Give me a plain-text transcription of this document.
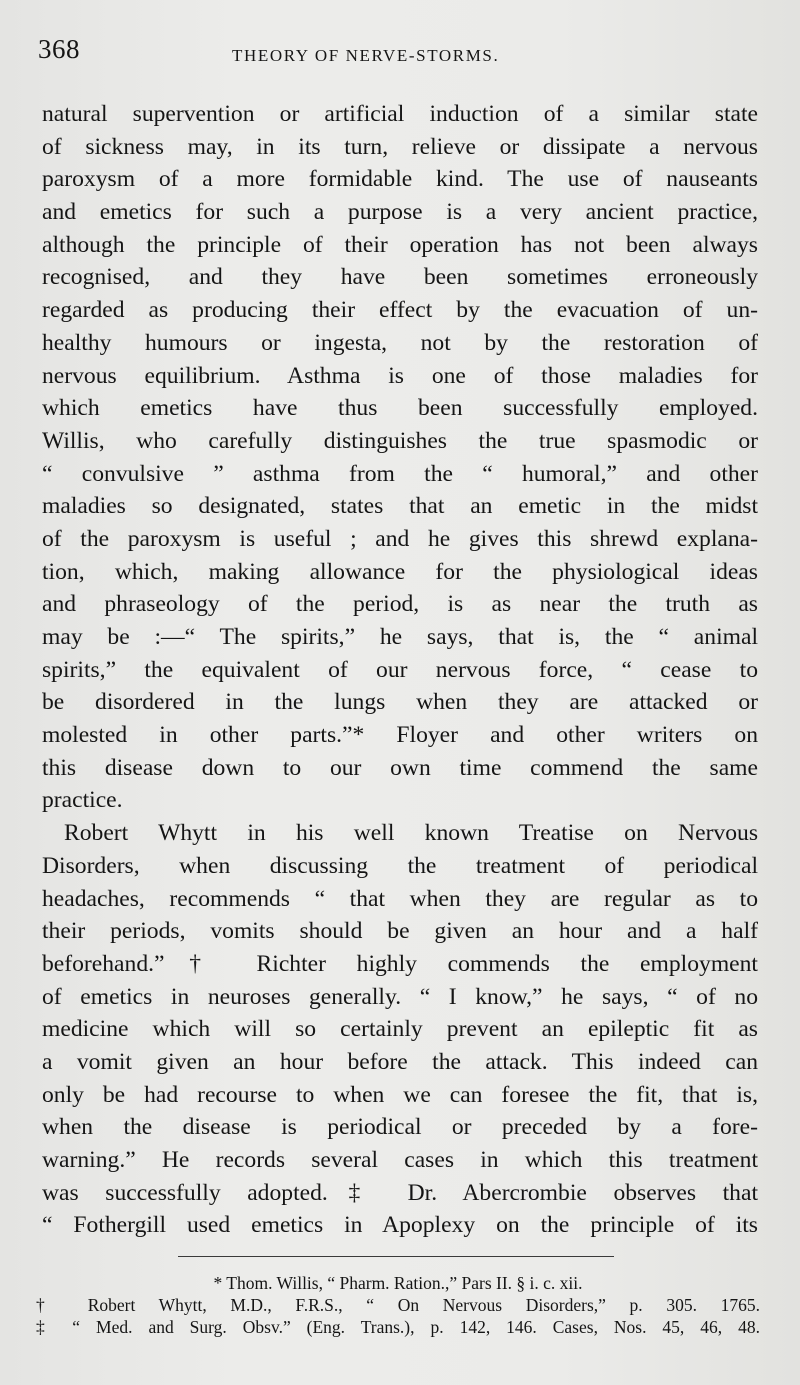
368	THEORY OF NERVE-STORMS.
natural supervention or artificial induction of a similar state
of sickness may, in its turn, relieve or dissipate a nervous
paroxysm of a more formidable kind. The use of nauseants
and emetics for such a purpose is a very ancient practice,
although the principle of their operation has not been always
recognised, and they have been sometimes erroneously
regarded as producing their effect by the evacuation of un-
healthy humours or ingesta, not by the restoration of
nervous equilibrium. Asthma is one of those maladies for
which emetics have thus been successfully employed.
Willis, who carefully distinguishes the true spasmodic or
“ convulsive ” asthma from the “ humoral,” and other
maladies so designated, states that an emetic in the midst
of the paroxysm is useful ; and he gives this shrewd explana-
tion, which, making allowance for the physiological ideas
and phraseology of the period, is as near the truth as
may be :—“ The spirits,” he says, that is, the “ animal
spirits,” the equivalent of our nervous force, “ cease to
be disordered in the lungs when they are attacked or
molested in other parts.”* Floyer and other writers on
this disease down to our own time commend the same
practice.
Robert Whytt in his well known Treatise on Nervous
Disorders, when discussing the treatment of periodical
headaches, recommends “ that when they are regular as to
their periods, vomits should be given an hour and a half
beforehand.”† Richter highly commends the employment
of emetics in neuroses generally. “ I know,” he says, “ of no
medicine which will so certainly prevent an epileptic fit as
a vomit given an hour before the attack. This indeed can
only be had recourse to when we can foresee the fit, that is,
when the disease is periodical or preceded by a fore-
warning.” He records several cases in which this treatment
was successfully adopted.‡ Dr. Abercrombie observes that
“ Fothergill used emetics in Apoplexy on the principle of its
* Thom. Willis, “ Pharm. Ration.,” Pars II. § i. c. xii.
† Robert Whytt, M.D., F.R.S., “ On Nervous Disorders,” p. 305. 1765.
‡ “ Med. and Surg. Obsv.” (Eng. Trans.), p. 142, 146. Cases, Nos. 45, 46, 48.
